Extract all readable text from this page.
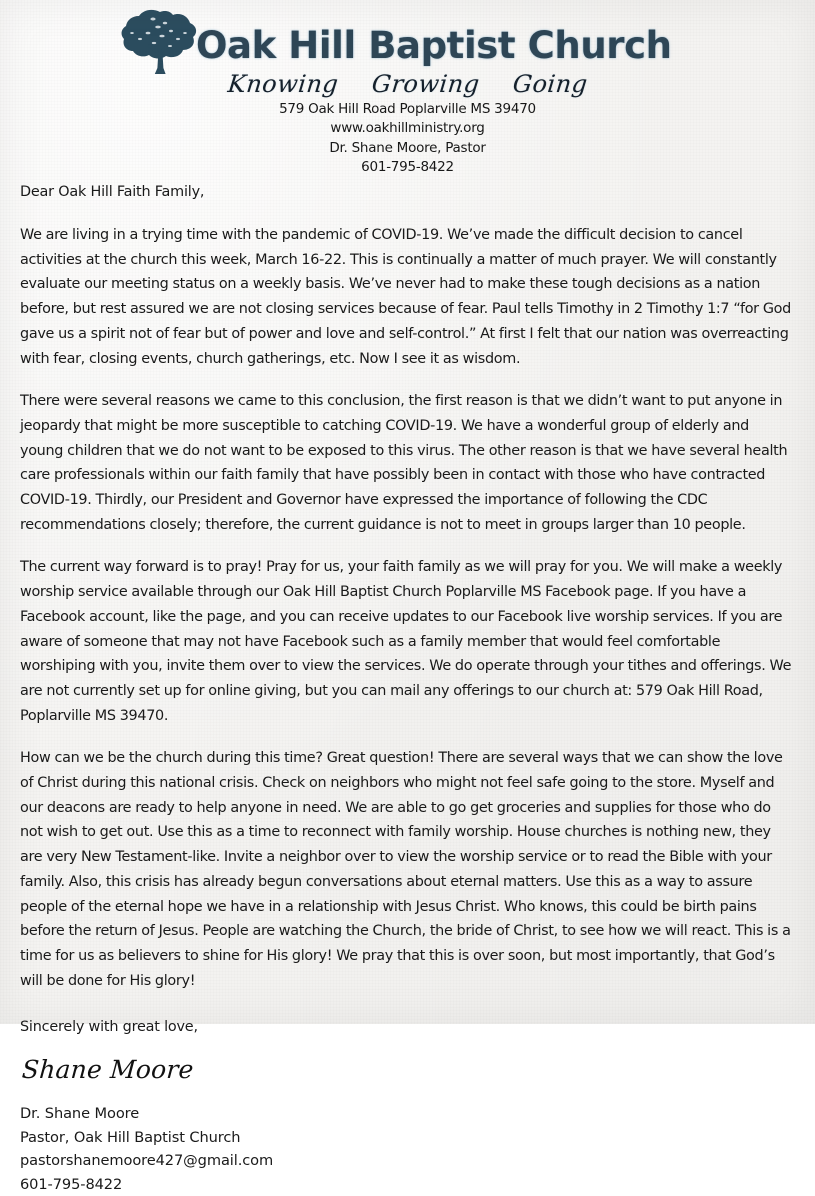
Oak Hill Baptist Church
Knowing Growing Going
579 Oak Hill Road Poplarville MS 39470
www.oakhillministry.org
Dr. Shane Moore, Pastor
601-795-8422
Dear Oak Hill Faith Family,

We are living in a trying time with the pandemic of COVID-19. We’ve made the difficult decision to cancel activities at the church this week, March 16-22. This is continually a matter of much prayer. We will constantly evaluate our meeting status on a weekly basis. We’ve never had to make these tough decisions as a nation before, but rest assured we are not closing services because of fear. Paul tells Timothy in 2 Timothy 1:7 “for God gave us a spirit not of fear but of power and love and self-control.” At first I felt that our nation was overreacting with fear, closing events, church gatherings, etc. Now I see it as wisdom.

There were several reasons we came to this conclusion, the first reason is that we didn’t want to put anyone in jeopardy that might be more susceptible to catching COVID-19. We have a wonderful group of elderly and young children that we do not want to be exposed to this virus. The other reason is that we have several health care professionals within our faith family that have possibly been in contact with those who have contracted COVID-19. Thirdly, our President and Governor have expressed the importance of following the CDC recommendations closely; therefore, the current guidance is not to meet in groups larger than 10 people.

The current way forward is to pray! Pray for us, your faith family as we will pray for you. We will make a weekly worship service available through our Oak Hill Baptist Church Poplarville MS Facebook page. If you have a Facebook account, like the page, and you can receive updates to our Facebook live worship services. If you are aware of someone that may not have Facebook such as a family member that would feel comfortable worshiping with you, invite them over to view the services. We do operate through your tithes and offerings. We are not currently set up for online giving, but you can mail any offerings to our church at: 579 Oak Hill Road, Poplarville MS 39470.

How can we be the church during this time? Great question! There are several ways that we can show the love of Christ during this national crisis. Check on neighbors who might not feel safe going to the store. Myself and our deacons are ready to help anyone in need. We are able to go get groceries and supplies for those who do not wish to get out. Use this as a time to reconnect with family worship. House churches is nothing new, they are very New Testament-like. Invite a neighbor over to view the worship service or to read the Bible with your family. Also, this crisis has already begun conversations about eternal matters. Use this as a way to assure people of the eternal hope we have in a relationship with Jesus Christ. Who knows, this could be birth pains before the return of Jesus. People are watching the Church, the bride of Christ, to see how we will react. This is a time for us as believers to shine for His glory! We pray that this is over soon, but most importantly, that God’s will be done for His glory!

Sincerely with great love,
Shane Moore
Dr. Shane Moore
Pastor, Oak Hill Baptist Church
pastorshanemoore427@gmail.com
601-795-8422
